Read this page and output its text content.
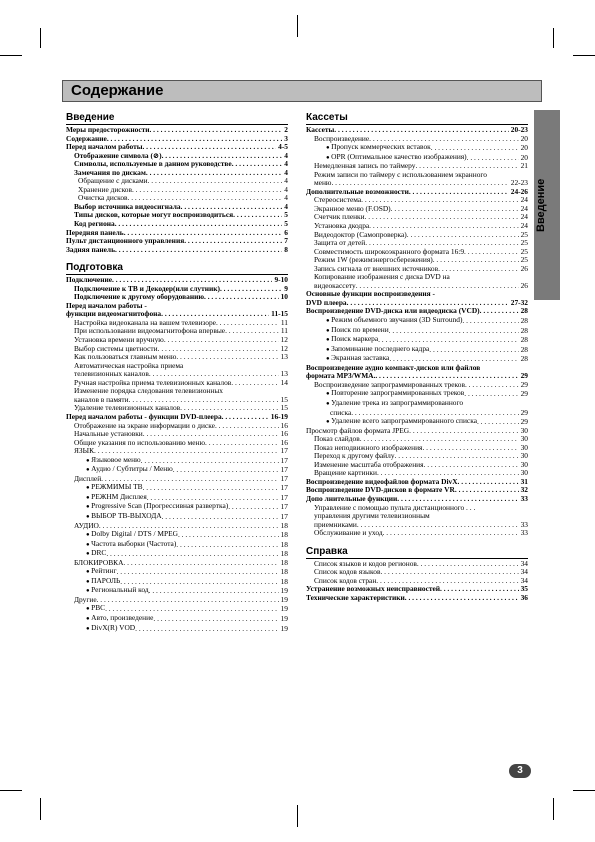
Содержание
Введение
Введение
Меры предосторожности . . .	2
Содержание . . .	3
Перед началом работы . . .	4-5
Отображение символа (⊘) . . .	4
Символы, используемые в данном руководстве . . .	4
Замечания по дискам . . .	4
Обращение с дисками . . .	4
Хранение дисков . . .	4
Очистка дисков . . .	4
Выбор источника видеосигнала . . .	4
Типы дисков, которые могут воспроизводиться . . .	5
Код региона . . .	5
Передняя панель . . .	6
Пульт дистанционного управления . . .	7
Задняя панель . . .	8
Подготовка
Подключение . . .	9-10
Подключение к ТВ и Декодер(или слутник) . . .	9
Подключение к другому оборудованию . . .	10
Перед началом работы -
функции видеомагнитофона . . .	11-15
Настройка видеоканала на вашем телевизоре . . .	11
При использовании видеомагнитофона впервые . . .	11
Установка времени вручную . . .	12
Выбор системы цветности . . .	12
Как пользоваться главным меню . . .	13
Автоматическая настройка приема
телевизионных каналов . . .	13
Ручная настройка приема телевизионных каналов . . .	14
Изменение порядка следования телевизионных
каналов в памяти . . .	15
Удаление телевизионных каналов . . .	15
Перед началом работы - функции DVD-плеера . . .	16-19
Отображение на экране информации о диске . . .	16
Начальные установки . . .	16
Общие указания по использованию меню . . .	16
ЯЗЫК . . .	17
● Языковое меню . . .	17
● Аудио / Субтитры / Меню . . .	17
Дисплей . . .	17
● РЕЖМИМЫ ТВ . . .	17
● РЕЖНМ Дисплея . . .	17
● Progressive Scan (Прогрессивная развертка) . . .	17
● ВЫБОР ТВ-ВЫХОДА . . .	17
АУДИО . . .	18
● Dolby Digital / DTS / MPEG . . .	18
● Частота выборки (Частота) . . .	18
● DRC . . .	18
БЛОКИРОВКА . . .	18
● Рейтинг . . .	18
● ПАРОЛЬ . . .	18
● Региональный код . . .	19
Другие . . .	19
● PBC . . .	19
● Авто, произведение . . .	19
● DivX(R) VOD . . .	19
Кассеты
Кассеты . . .	20-23
Воспроизведение . . .	20
● Пропуск коммерческих вставок . . .	20
● OPR (Оптимальное качество изображения) . . .	20
Немедленная запись по таймеру . . .	21
Режим записи по таймеру с использованием экранного
меню . . .	22-23
Дополнительные возможности . . .	24-26
Стереосистема . . .	24
Экранное меню (F.OSD) . . .	24
Счетчик пленки . . .	24
Установка дкодра . . .	24
Видеодоктор (Самопроверка) . . .	25
Защита от детей . . .	25
Совместимость широкоэкранного формата 16:9 . . .	25
Режим 1W (режимэнергосбережения) . . .	25
Запись сигнала от внешних источников . . .	26
Копирование изображения с диска DVD на
видеокассету . . .	26
Основные функции воспроизведения -
DVD плеера . . .	27-32
Воспроизведение DVD-диска или видеодиска (VCD) . . .	28
● Режим объемного звучания (3D Surround) . . .	28
● Поиск по времени . . .	28
● Поиск маркера . . .	28
● Запоминание последнего кадра . . .	28
● Экранная заставка . . .	28
Воспроизведение аудио компакт-дисков или файлов
формата MP3/WMA. . . .	29
Воспроизведение запрограммированных треков . . .	29
● Повторение запрограммированных треков . . .	29
● Удаление трека из запрограммированного
списка . . .	29
● Удаление всего запрограммированного списка . . .	29
Просмотр файлов формата JPEG . . .	30
Показ слайдов . . .	30
Показ неподвижного изображения . . .	30
Переход к другому файлу . . .	30
Изменение масштаба отображения . . .	30
Вращение картинки . . .	30
Воспроизведение видеофайлов формата DivX . . .	31
Воспроизведение DVD-дисков в формате VR . . .	32
Допо лнительные функции . . .	33
Управление с помощью пульта дистанционного . . .
управления другими телевизионным
приемниками . . .	33
Обслуживание и уход . . .	33
Справка
Список языков и кодов регионов . . .	34
Список кодов языков . . .	34
Список кодов стран . . .	34
Устранение возможных неисправностей . . .	35
Технические характеристики . . .	36
3
